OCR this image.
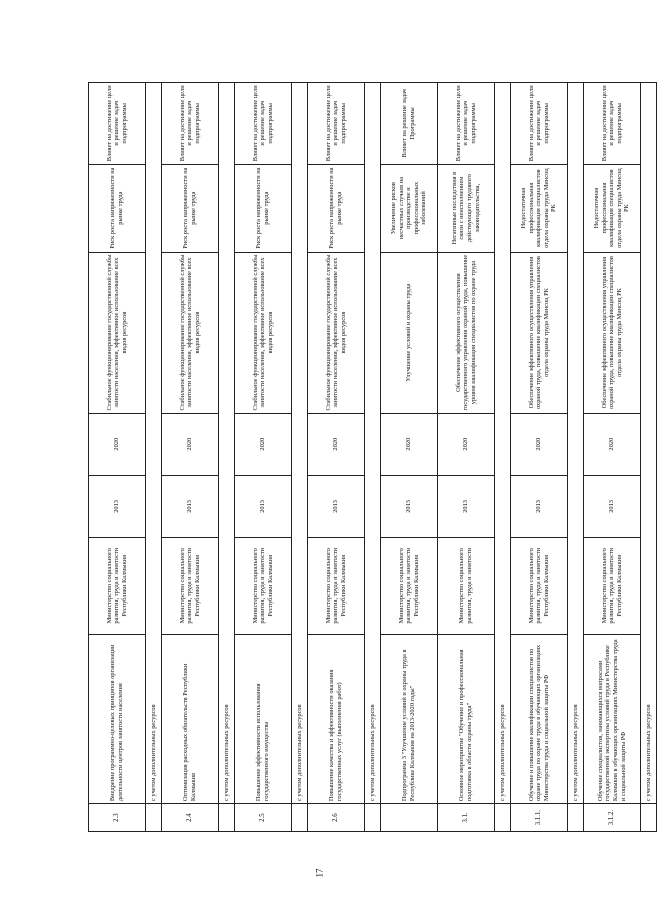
2.3	Внедрение программно-целевых принципов организации деятельности центров занятости населения	Министерство социального развития, труда и занятости Республики Калмыкия	2013	2020	Стабильное функционирование государственной службы занятости населения, эффективное использование всех видов ресурсов	Риск роста напряженности на рынке труда	Влияет на достижение цели и решение задач подпрограммы
	с учетом дополнительных ресурсов						
2.4	Оптимизация расходных обязательств Республики Калмыкия	Министерство социального развития, труда и занятости Республики Калмыкия	2013	2020	Стабильное функционирование государственной службы занятости населения, эффективное использование всех видов ресурсов	Риск роста напряженности на рынке труда	Влияет на достижение цели и решение задач подпрограммы
	с учетом дополнительных ресурсов						
2.5	Повышение эффективности использования государственного имущества	Министерство социального развития, труда и занятости Республики Калмыкия	2013	2020	Стабильное функционирование государственной службы занятости населения, эффективное использование всех видов ресурсов	Риск роста напряженности на рынке труда	Влияет на достижение цели и решение задач подпрограммы
	с учетом дополнительных ресурсов						
2.6	Повышение качества и эффективности оказания государственных услуг (выполнения работ)	Министерство социального развития, труда и занятости Республики Калмыкия	2013	2020	Стабильное функционирование государственной службы занятости населения, эффективное использование всех видов ресурсов	Риск роста напряженности на рынке труда	Влияет на достижение цели и решение задач подпрограммы
	с учетом дополнительных ресурсов						
	Подпрограмма 3 "Улучшение условий и охраны труда в Республике Калмыкия на 2013-2020 годы"	Министерство социального развития, труда и занятости Республики Калмыкия	2013	2020	Улучшение условий и охраны труда	Увеличение рисков несчастных случаев на производстве и профессиональных заболеваний	Влияет на решение задач Программы
3.1.	Основное мероприятие "Обучение и профессиональная подготовка в области охраны труда"	Министерство социального развития, труда и занятости	2013	2020	Обеспечение эффективного осуществления государственного управления охраной труда, повышение уровня квалификации специалистов по охране труда	Негативные последствия в связи с неисполнением действующего трудового законодательства,	Влияет на достижение цели и решение задач подпрограммы
	с учетом дополнительных ресурсов						
3.1.1.	Обучение и повышение квалификации специалистов по охране труда по охране труда в обучающих организациях Министерства труда и социальной защиты РФ	Министерство социального развития, труда и занятости Республики Калмыкия	2013	2020	Обеспечение эффективного осуществления управления охраной труда, повышение квалификации специалистов отдела охраны труда Минсоц РК	Недостаточная профессиональная квалификация специалистов отдела охраны труда Минсоц РК	Влияет на достижение цели и решение задач подпрограммы
	с учетом дополнительных ресурсов						
3.1.2.	Обучение специалистов, занимающихся вопросами государственной экспертизы условий труда в Республике Калмыкия в обучающих организациях Министерства труда и социальной защиты РФ	Министерство социального развития, труда и занятости Республики Калмыкия	2013	2020	Обеспечение эффективного осуществления управления охраной труда, повышение квалификации специалистов отдела охраны труда Минсоц РК	Недостаточная профессиональная квалификация специалистов отдела охраны труда Минсоц РК	Влияет на достижение цели и решение задач подпрограммы
	с учетом дополнительных ресурсов						
17
